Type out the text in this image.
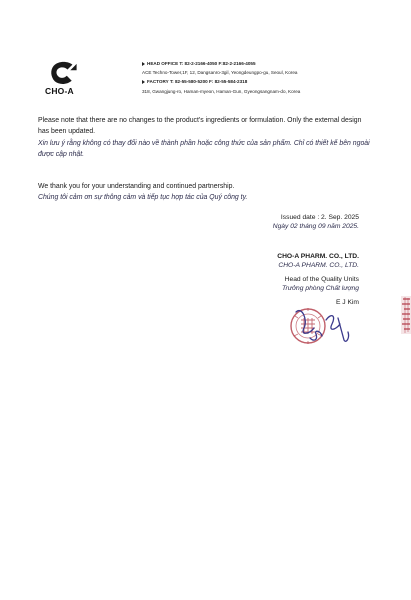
CHO-A
HEAD OFFICE T: 82-2-2166-4050 F:82-2-2166-4055
ACE Techno-Tower,1F, 12, Dangsanro-3gil, Yeongdeungpo-gu, Seoul, Korea
FACTORY T: 82-55-580-5200 F: 82-55-584-2318
318, Gwangjung-ro, Haman-myeon, Haman-Gun, Gyeongsangnam-do, Korea
Please note that there are no changes to the product's ingredients or formulation. Only the external design has been updated.
Xin lưu ý rằng không có thay đổi nào về thành phần hoặc công thức của sản phẩm. Chỉ có thiết kế bên ngoài được cập nhật.
We thank you for your understanding and continued partnership.
Chúng tôi cảm ơn sự thông cảm và tiếp tục hợp tác của Quý công ty.
Issued date : 2. Sep. 2025
Ngày 02 tháng 09 năm 2025.
CHO-A PHARM. CO., LTD.
CHO-A PHARM. CO., LTD.
Head of the Quality Units
Trưởng phòng Chất lượng
E J Kim
